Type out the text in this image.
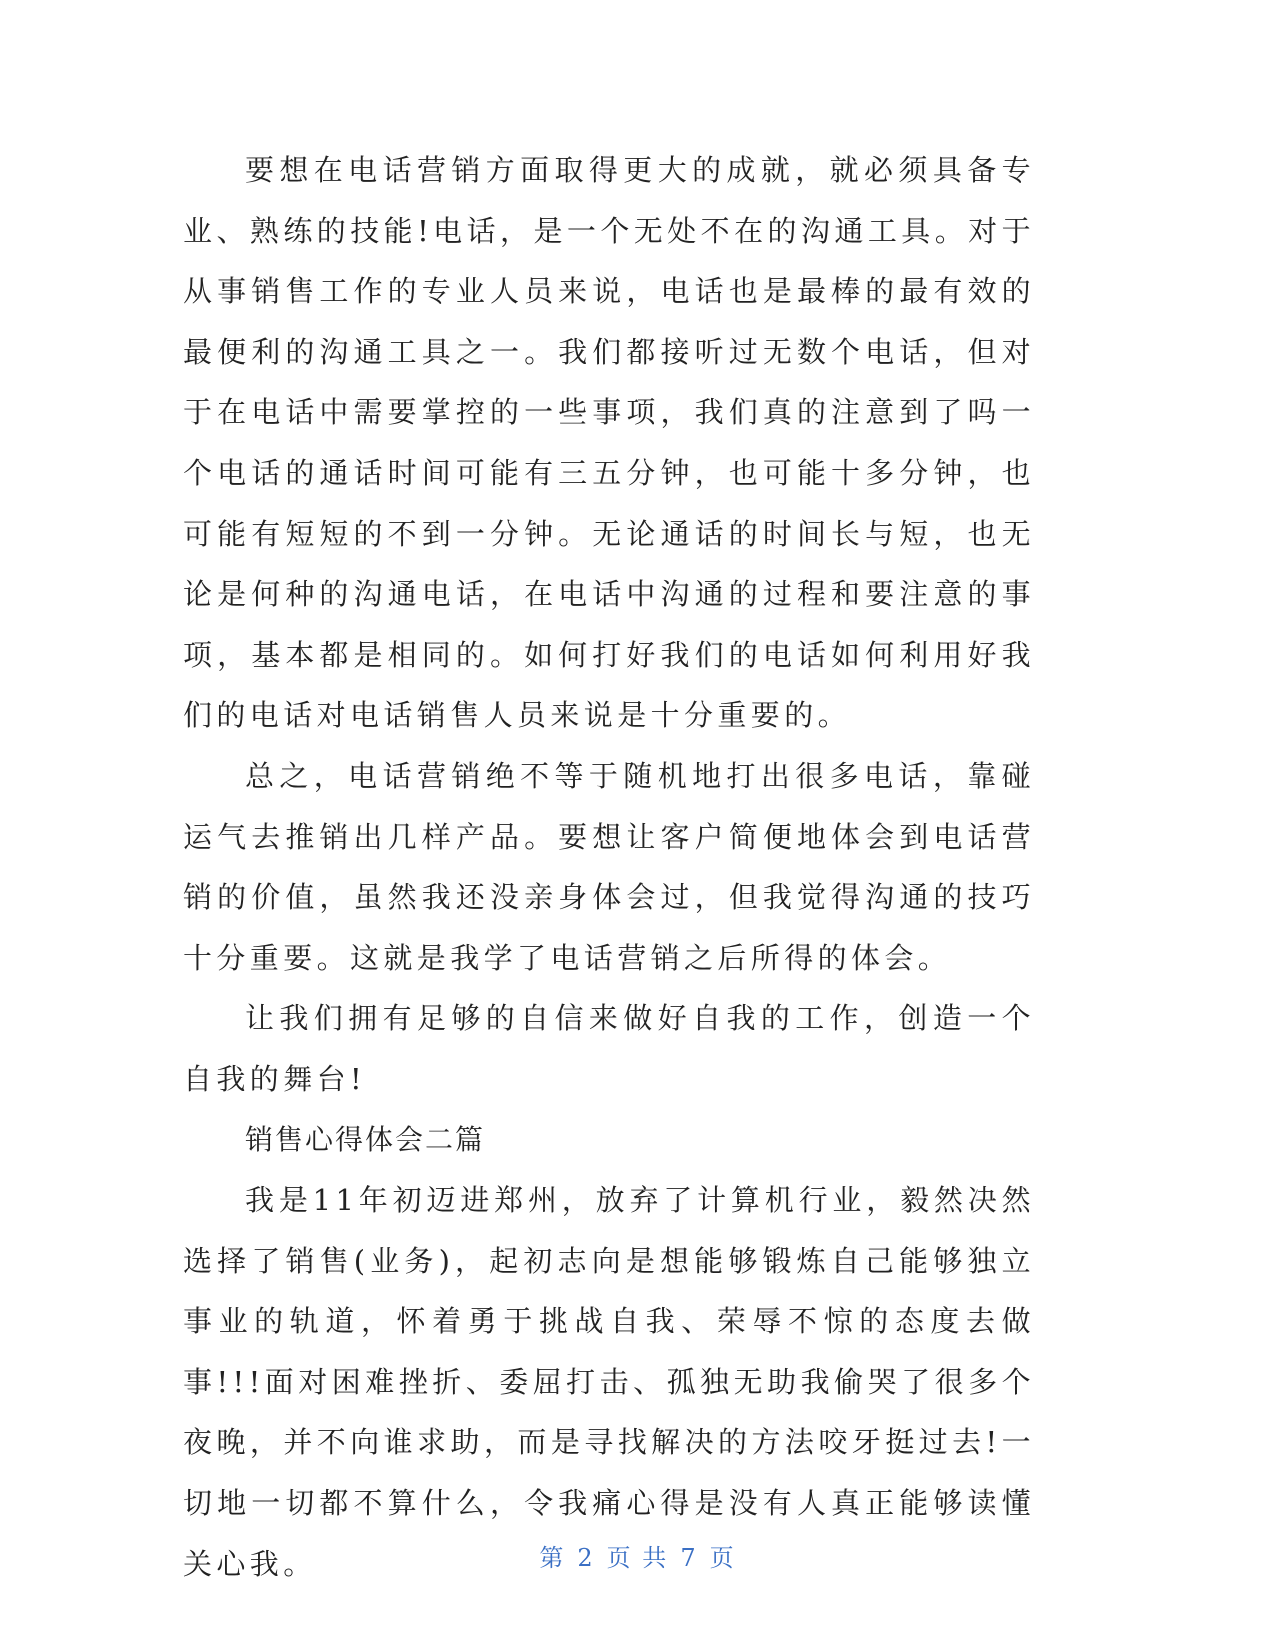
要想在电话营销方面取得更大的成就，就必须具备专业、熟练的技能!电话，是一个无处不在的沟通工具。对于从事销售工作的专业人员来说，电话也是最棒的最有效的最便利的沟通工具之一。我们都接听过无数个电话，但对于在电话中需要掌控的一些事项，我们真的注意到了吗一个电话的通话时间可能有三五分钟，也可能十多分钟，也可能有短短的不到一分钟。无论通话的时间长与短，也无论是何种的沟通电话，在电话中沟通的过程和要注意的事项，基本都是相同的。如何打好我们的电话如何利用好我们的电话对电话销售人员来说是十分重要的。

总之，电话营销绝不等于随机地打出很多电话，靠碰运气去推销出几样产品。要想让客户简便地体会到电话营销的价值，虽然我还没亲身体会过，但我觉得沟通的技巧十分重要。这就是我学了电话营销之后所得的体会。

让我们拥有足够的自信来做好自我的工作，创造一个自我的舞台!

销售心得体会二篇

我是11年初迈进郑州，放弃了计算机行业，毅然决然选择了销售(业务)，起初志向是想能够锻炼自己能够独立事业的轨道，怀着勇于挑战自我、荣辱不惊的态度去做事!!!面对困难挫折、委屈打击、孤独无助我偷哭了很多个夜晚，并不向谁求助，而是寻找解决的方法咬牙挺过去!一切地一切都不算什么，令我痛心得是没有人真正能够读懂关心我。	第 2 页 共 7 页
